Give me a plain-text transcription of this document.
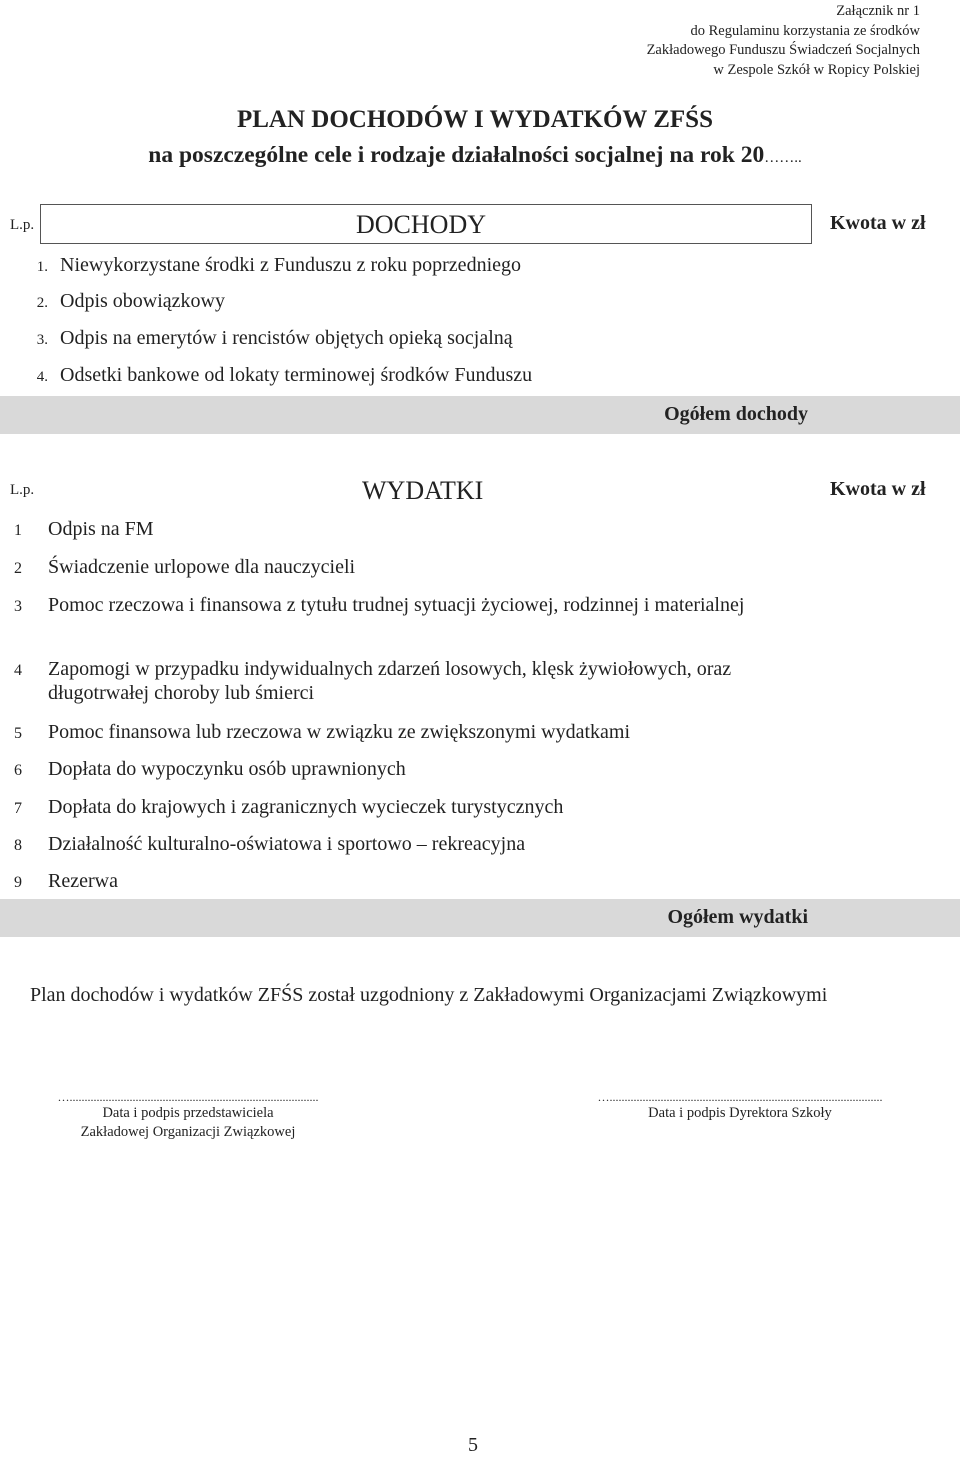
Załącznik nr 1
do Regulaminu korzystania ze środków
Zakładowego Funduszu Świadczeń Socjalnych
w Zespole Szkół w Ropicy Polskiej
PLAN DOCHODÓW I WYDATKÓW ZFŚS
na poszczególne cele i rodzaje działalności socjalnej na rok 20……..
L.p.	DOCHODY	Kwota w zł
1. Niewykorzystane środki z Funduszu z roku poprzedniego
2. Odpis obowiązkowy
3. Odpis na emerytów i rencistów objętych opieką socjalną
4. Odsetki bankowe od lokaty terminowej środków Funduszu
Ogółem dochody
L.p.	WYDATKI	Kwota w zł
1 Odpis na FM
2 Świadczenie urlopowe dla nauczycieli
3 Pomoc rzeczowa i finansowa z tytułu trudnej sytuacji życiowej, rodzinnej i materialnej
4 Zapomogi w przypadku indywidualnych zdarzeń losowych, klęsk żywiołowych, oraz długotrwałej choroby lub śmierci
5 Pomoc finansowa lub rzeczowa w związku ze zwiększonymi wydatkami
6 Dopłata do wypoczynku osób uprawnionych
7 Dopłata do krajowych i zagranicznych wycieczek turystycznych
8 Działalność kulturalno-oświatowa i sportowo – rekreacyjna
9 Rezerwa
Ogółem wydatki
Plan dochodów i wydatków ZFŚS został uzgodniony z Zakładowymi Organizacjami Związkowymi
…...................................................................................
Data i podpis przedstawiciela
Zakładowej Organizacji Związkowej
…...........................................................................................
Data i podpis Dyrektora Szkoły
5
